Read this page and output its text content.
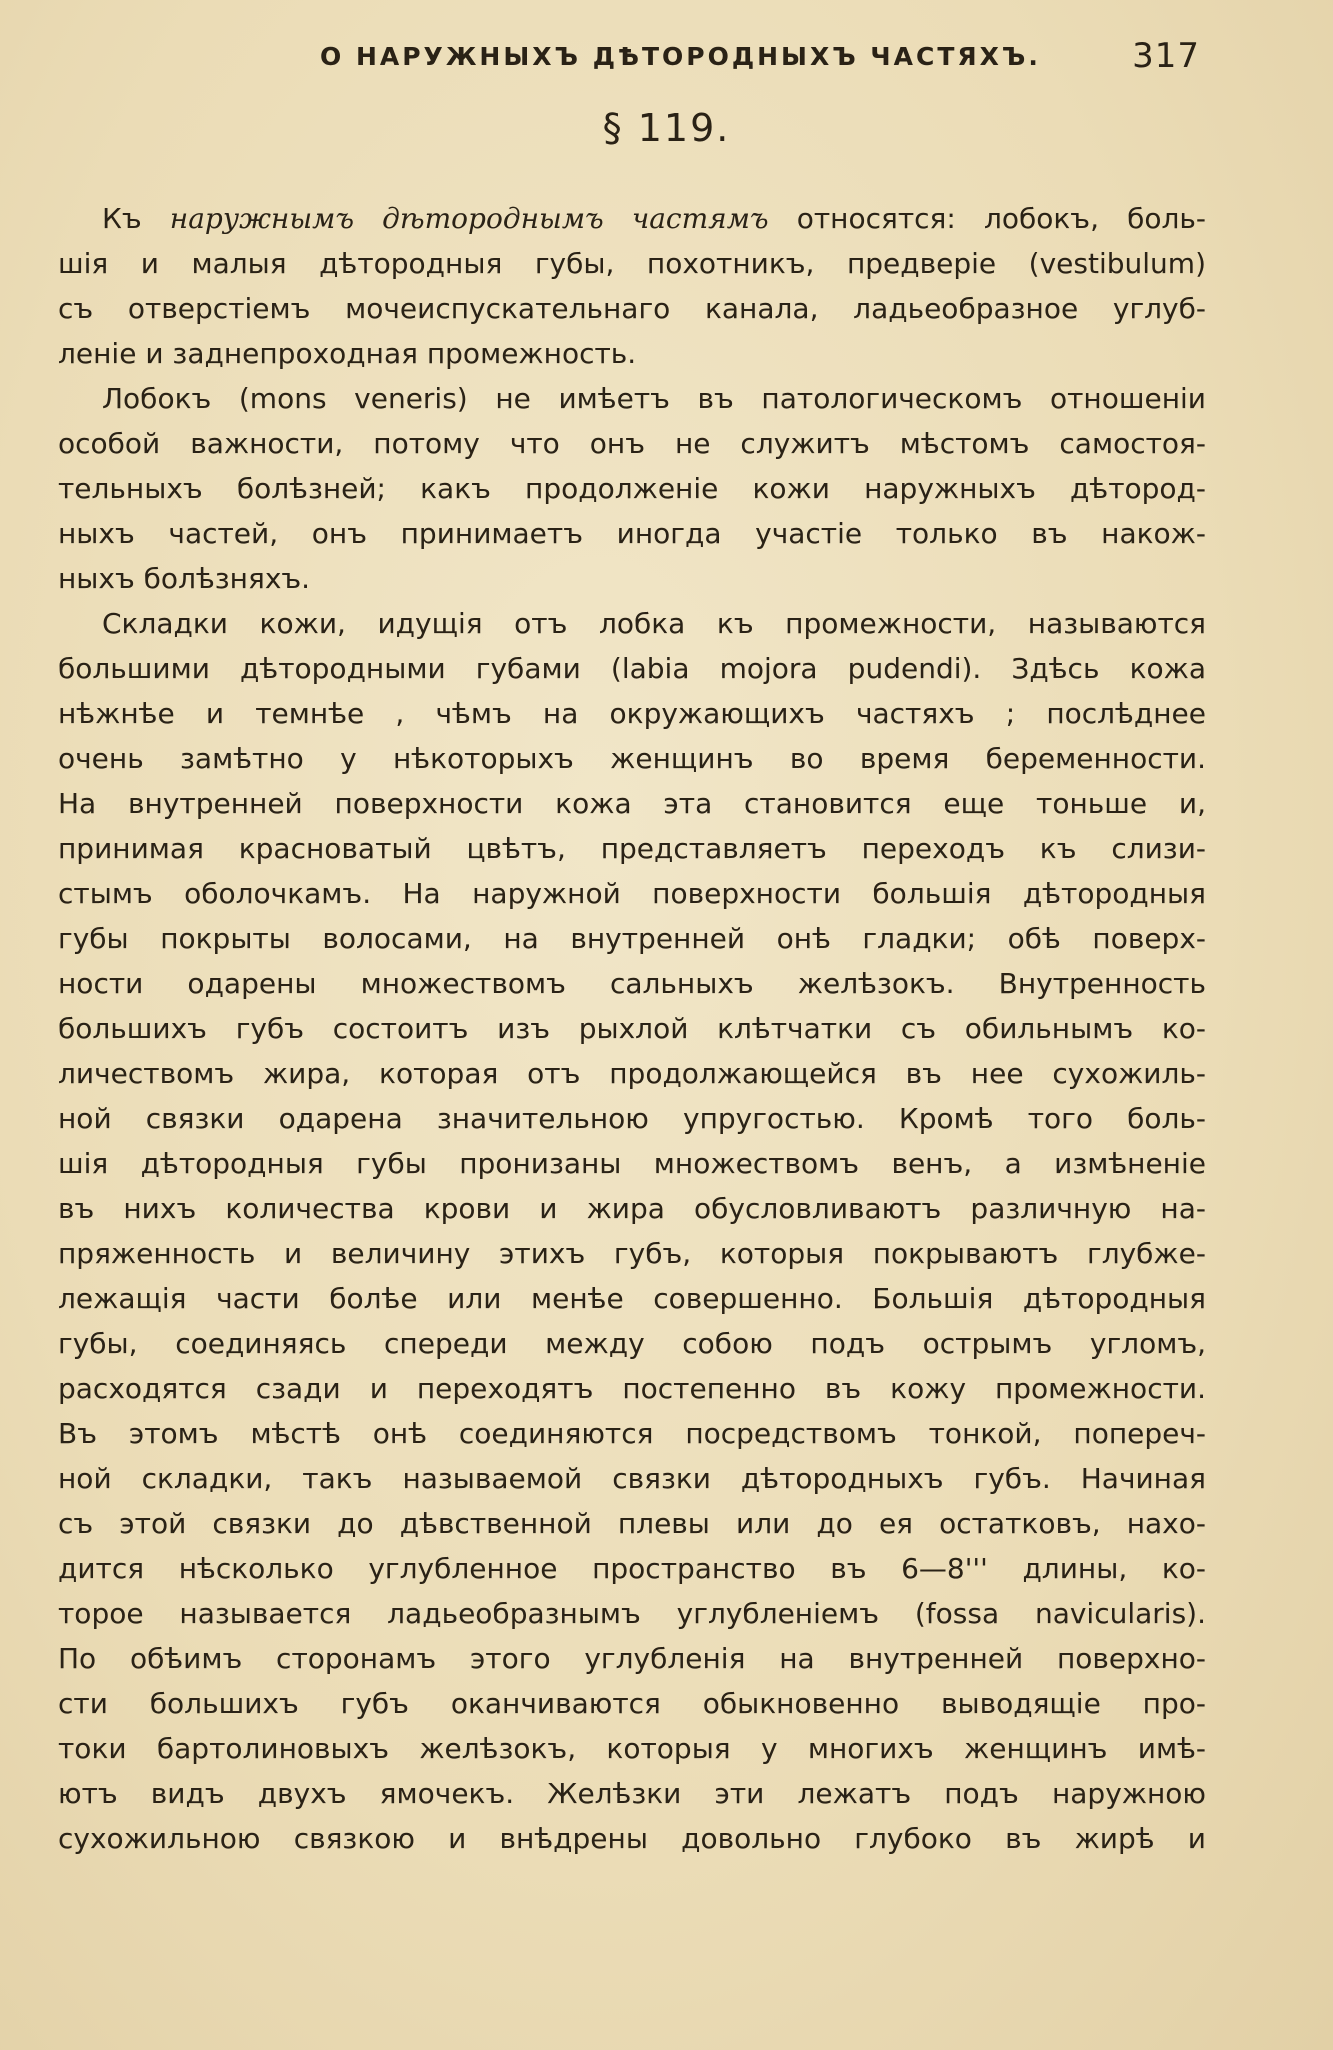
О НАРУЖНЫХЪ ДѢТОРОДНЫХЪ ЧАСТЯХЪ.	317
§ 119.
Къ наружнымъ дѣтороднымъ частямъ относятся: лобокъ, боль-
шія и малыя дѣтородныя губы, похотникъ, предверіе (vestibulum)
съ отверстіемъ мочеиспускательнаго канала, ладьеобразное углуб-
леніе и заднепроходная промежность.
Лобокъ (mons veneris) не имѣетъ въ патологическомъ отношеніи
особой важности, потому что онъ не служитъ мѣстомъ самостоя-
тельныхъ болѣзней; какъ продолженіе кожи наружныхъ дѣтород-
ныхъ частей, онъ принимаетъ иногда участіе только въ накож-
ныхъ болѣзняхъ.
Складки кожи, идущія отъ лобка къ промежности, называются
большими дѣтородными губами (labia mojora pudendi). Здѣсь кожа
нѣжнѣе и темнѣе , чѣмъ на окружающихъ частяхъ ; послѣднее
очень замѣтно у нѣкоторыхъ женщинъ во время беременности.
На внутренней поверхности кожа эта становится еще тоньше и,
принимая красноватый цвѣтъ, представляетъ переходъ къ слизи-
стымъ оболочкамъ. На наружной поверхности большія дѣтородныя
губы покрыты волосами, на внутренней онѣ гладки; обѣ поверх-
ности одарены множествомъ сальныхъ желѣзокъ. Внутренность
большихъ губъ состоитъ изъ рыхлой клѣтчатки съ обильнымъ ко-
личествомъ жира, которая отъ продолжающейся въ нее сухожиль-
ной связки одарена значительною упругостью. Кромѣ того боль-
шія дѣтородныя губы пронизаны множествомъ венъ, а измѣненіе
въ нихъ количества крови и жира обусловливаютъ различную на-
пряженность и величину этихъ губъ, которыя покрываютъ глубже-
лежащія части болѣе или менѣе совершенно. Большія дѣтородныя
губы, соединяясь спереди между собою подъ острымъ угломъ,
расходятся сзади и переходятъ постепенно въ кожу промежности.
Въ этомъ мѣстѣ онѣ соединяются посредствомъ тонкой, попереч-
ной складки, такъ называемой связки дѣтородныхъ губъ. Начиная
съ этой связки до дѣвственной плевы или до ея остатковъ, нахо-
дится нѣсколько углубленное пространство въ 6—8''' длины, ко-
торое называется ладьеобразнымъ углубленіемъ (fossa navicularis).
По обѣимъ сторонамъ этого углубленія на внутренней поверхно-
сти большихъ губъ оканчиваются обыкновенно выводящіе про-
токи бартолиновыхъ желѣзокъ, которыя у многихъ женщинъ имѣ-
ютъ видъ двухъ ямочекъ. Желѣзки эти лежатъ подъ наружною
сухожильною связкою и внѣдрены довольно глубоко въ жирѣ и
